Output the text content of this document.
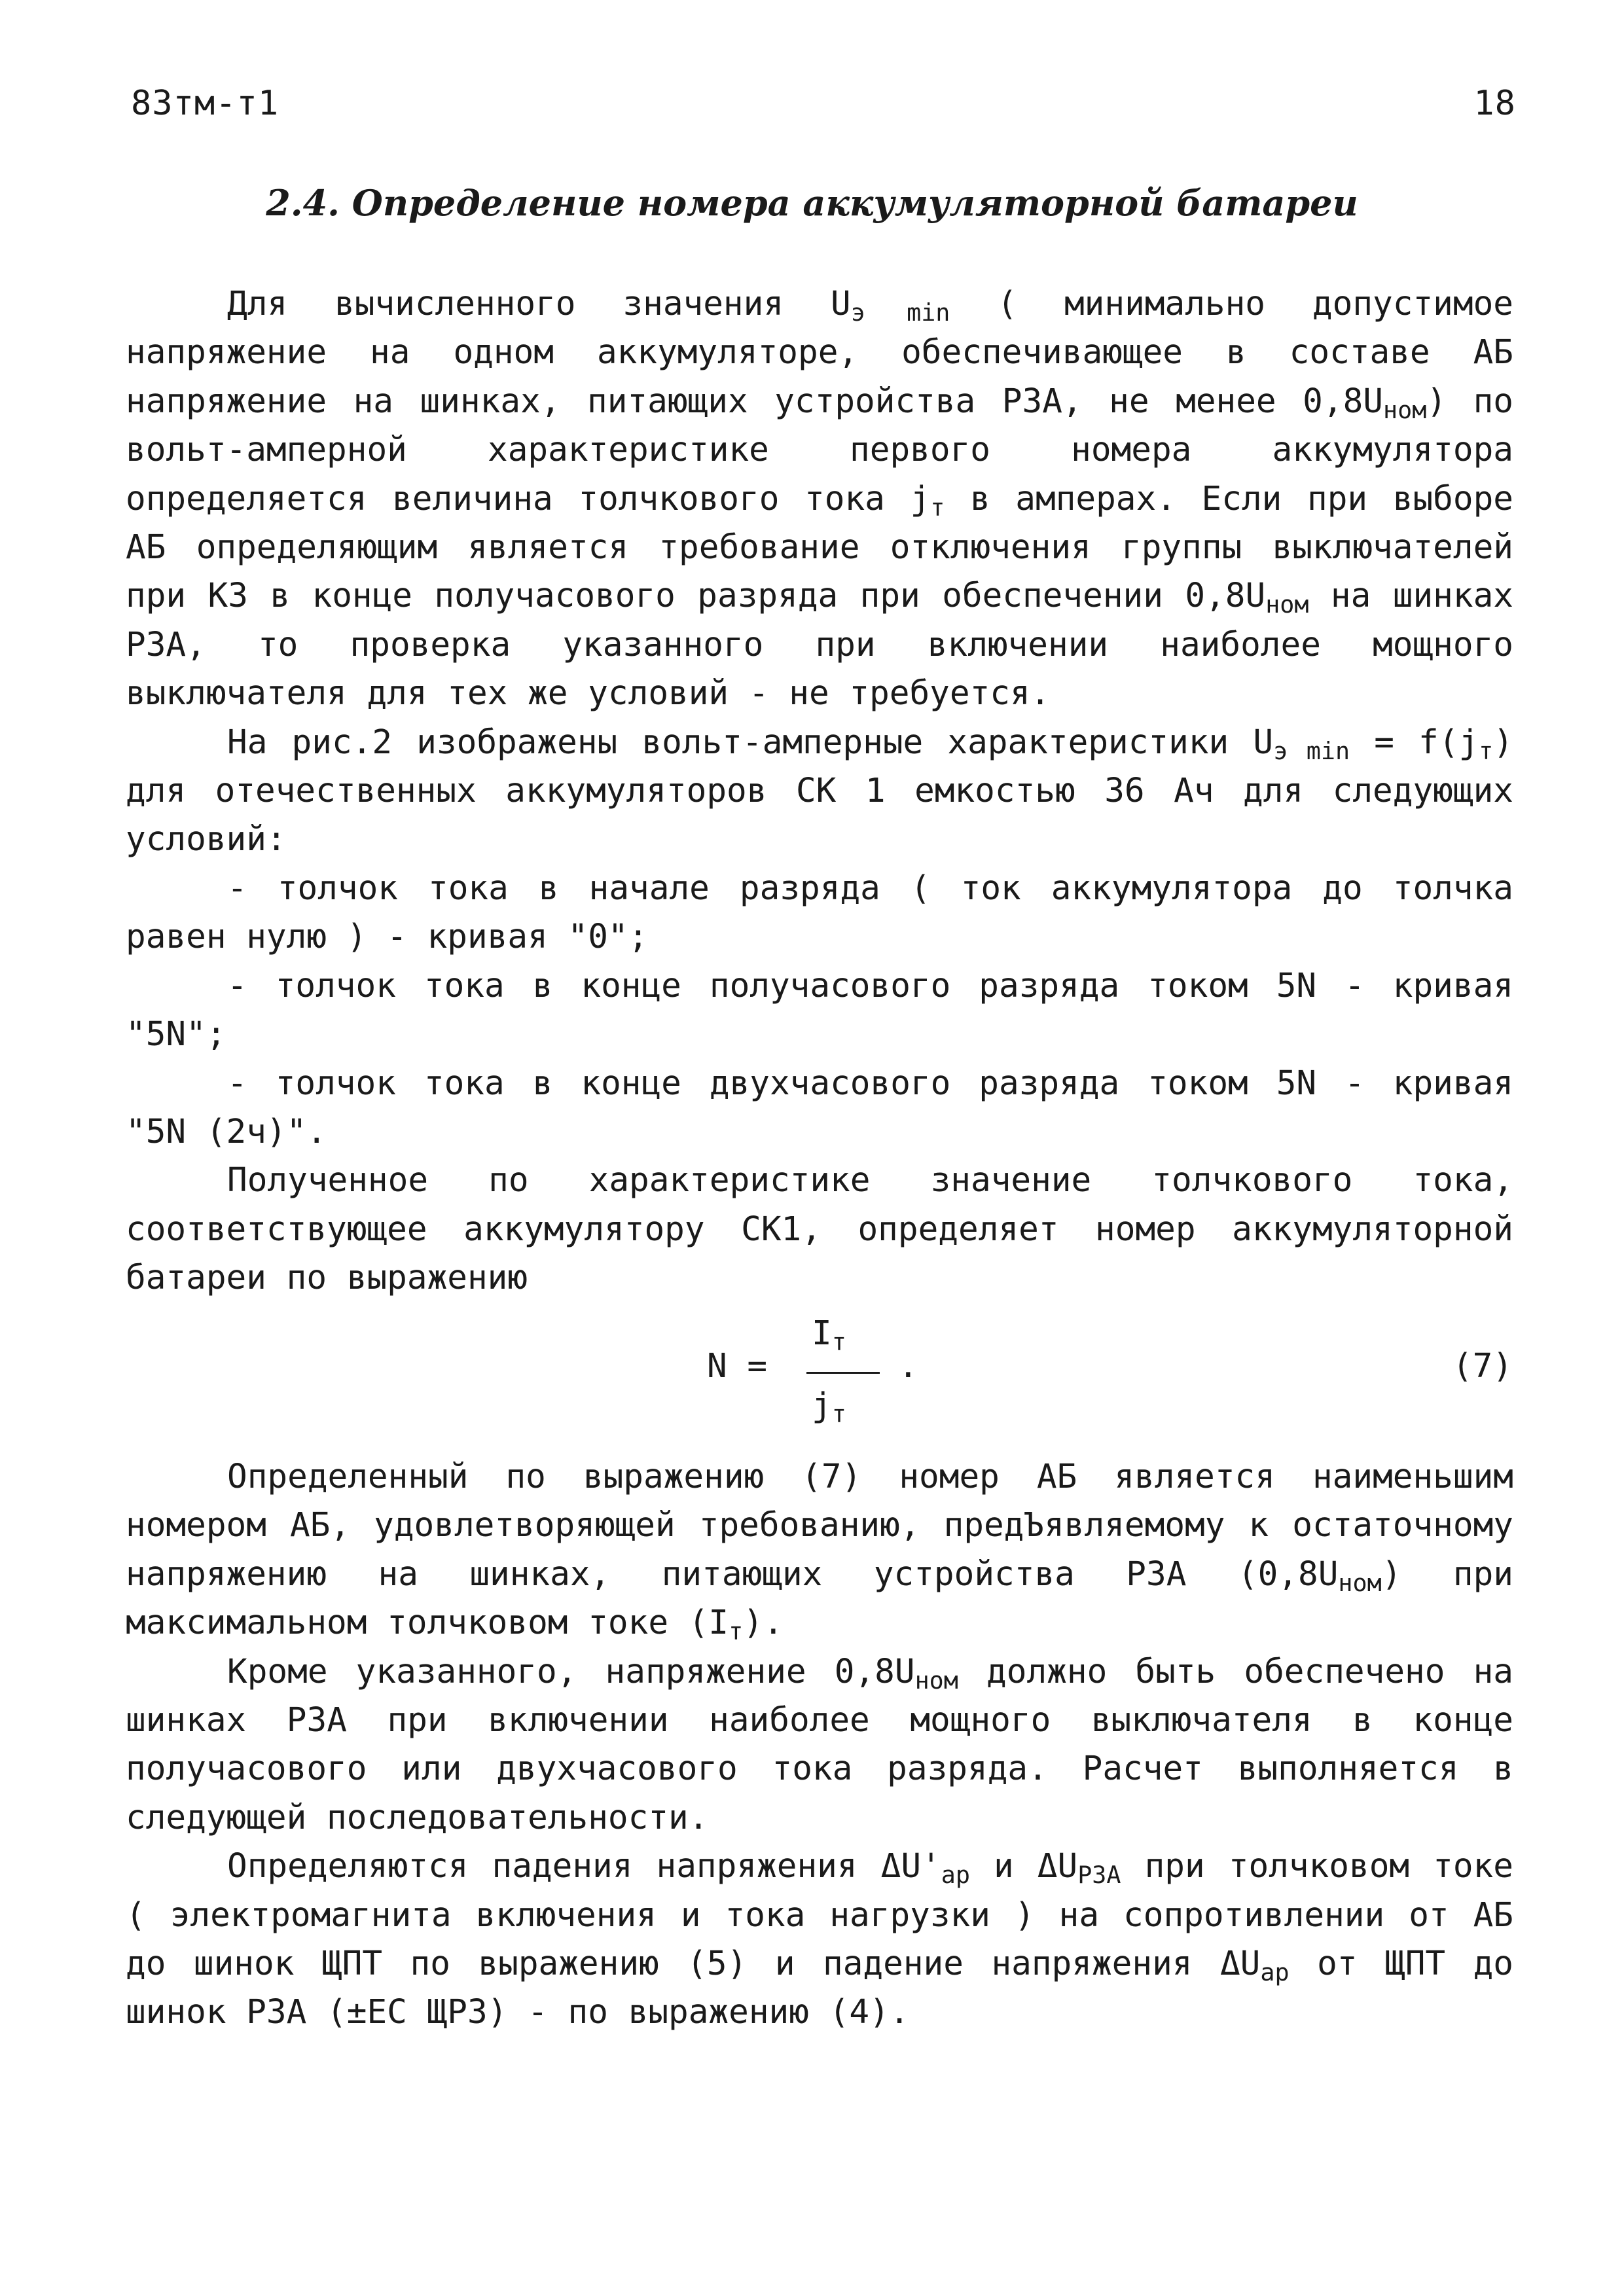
83тм-т1	18
2.4. Определение номера аккумуляторной батареи

Для вычисленного значения $U_{э min}$ ( минимально допустимое напряжение на одном аккумуляторе, обеспечивающее в составе АБ напряжение на шинках, питающих устройства РЗА, не менее $0,8U_{ном}$) по вольт-амперной характеристике первого номера аккумулятора определяется величина толчкового тока $j_т$ в амперах. Если при выборе АБ определяющим является требование отключения группы выключателей при КЗ в конце получасового разряда при обеспечении $0,8U_{ном}$ на шинках РЗА, то проверка указанного при включении наиболее мощного выключателя для тех же условий - не требуется.

На рис.2 изображены вольт-амперные характеристики $U_{э min} = f(j_т)$ для отечественных аккумуляторов СК 1 емкостью 36 Ач для следующих условий:

- толчок тока в начале разряда ( ток аккумулятора до толчка равен нулю ) - кривая "0";

- толчок тока в конце получасового разряда током 5N - кривая "5N";

- толчок тока в конце двухчасового разряда током 5N - кривая "5N (2ч)".

Полученное по характеристике значение толчкового тока, соответствующее аккумулятору СК1, определяет номер аккумуляторной батареи по выражению

N =
$I_т$
$j_т$
.	(7)

Определенный по выражению (7) номер АБ является наименьшим номером АБ, удовлетворяющей требованию, предЪявляемому к остаточному напряжению на шинках, питающих устройства РЗА $(0,8U_{ном})$ при максимальном толчковом токе $(I_т)$.

Кроме указанного, напряжение $0,8U_{ном}$ должно быть обеспечено на шинках РЗА при включении наиболее мощного выключателя в конце получасового или двухчасового тока разряда. Расчет выполняется в следующей последовательности.

Определяются падения напряжения $\Delta U'_{ар}$ и $\Delta U_{РЗА}$ при толчковом токе ( электромагнита включения и тока нагрузки ) на сопротивлении от АБ до шинок ЩПТ по выражению (5) и падение напряжения $\Delta U_{ар}$ от ЩПТ до шинок РЗА (±ЕС ЩРЗ) - по выражению (4).
